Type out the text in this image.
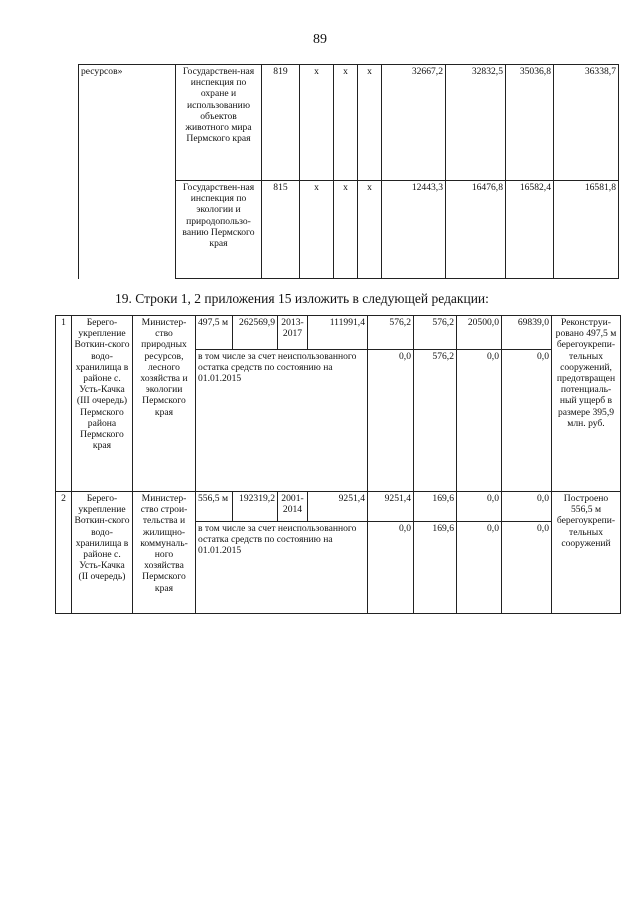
89
ресурсов»	Государствен-ная инспекция по охране и использованию объектов животного мира Пермского края	819	x	x	x	32667,2	32832,5	35036,8	36338,7
	Государствен-ная инспекция по экологии и природопользо-ванию Пермского края	815	x	x	x	12443,3	16476,8	16582,4	16581,8
19. Строки 1, 2 приложения 15 изложить в следующей редакции:
1	Берего-укрепление Воткин-ского водо-хранилища в районе с. Усть-Качка (III очередь) Пермского района Пермского края	Министер-ство природных ресурсов, лесного хозяйства и экологии Пермского края	497,5 м	262569,9	2013-2017	111991,4	576,2	576,2	20500,0	69839,0	Реконструи-ровано 497,5 м берегоукрепи-тельных сооружений, предотвращен потенциаль-ный ущерб в размере 395,9 млн. руб.
			в том числе за счет неиспользованного остатка средств по состоянию на 01.01.2015				0,0	576,2	0,0	0,0	
2	Берего-укрепление Воткин-ского водо-хранилища в районе с. Усть-Качка (II очередь)	Министер-ство строи-тельства и жилищно-коммуналь-ного хозяйства Пермского края	556,5 м	192319,2	2001-2014	9251,4	9251,4	169,6	0,0	0,0	Построено 556,5 м берегоукрепи-тельных сооружений
			в том числе за счет неиспользованного остатка средств по состоянию на 01.01.2015				0,0	169,6	0,0	0,0	
